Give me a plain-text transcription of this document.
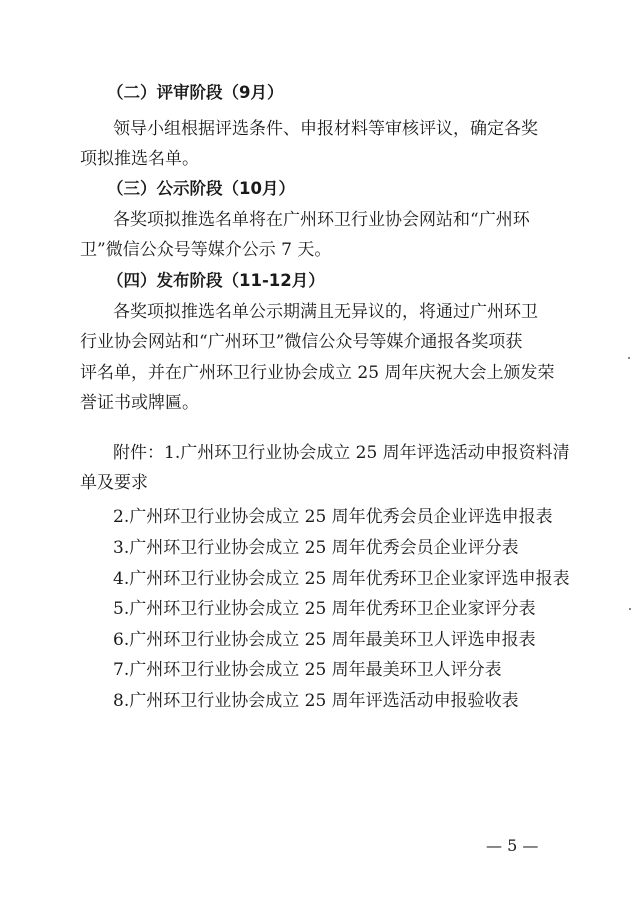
（二）评审阶段（9月）
领导小组根据评选条件、申报材料等审核评议，确定各奖
项拟推选名单。
（三）公示阶段（10月）
各奖项拟推选名单将在广州环卫行业协会网站和“广州环
卫”微信公众号等媒介公示 7 天。
（四）发布阶段（11-12月）
各奖项拟推选名单公示期满且无异议的，将通过广州环卫
行业协会网站和“广州环卫”微信公众号等媒介通报各奖项获
评名单，并在广州环卫行业协会成立 25 周年庆祝大会上颁发荣
誉证书或牌匾。
附件：1.广州环卫行业协会成立 25 周年评选活动申报资料清
单及要求
2.广州环卫行业协会成立 25 周年优秀会员企业评选申报表
3.广州环卫行业协会成立 25 周年优秀会员企业评分表
4.广州环卫行业协会成立 25 周年优秀环卫企业家评选申报表
5.广州环卫行业协会成立 25 周年优秀环卫企业家评分表
6.广州环卫行业协会成立 25 周年最美环卫人评选申报表
7.广州环卫行业协会成立 25 周年最美环卫人评分表
8.广州环卫行业协会成立 25 周年评选活动申报验收表
— 5 —
